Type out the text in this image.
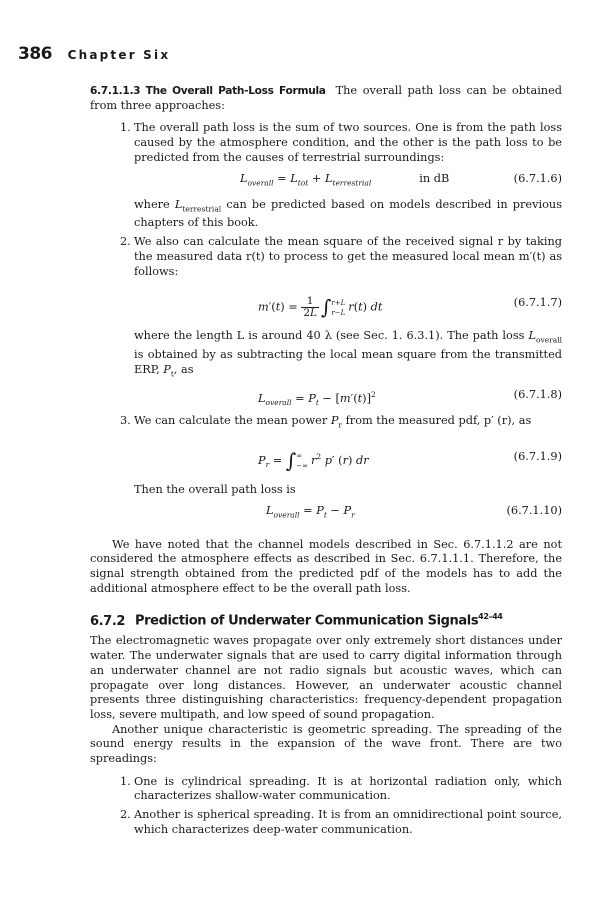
386 Chapter Six

6.7.1.1.3 The Overall Path-Loss Formula The overall path loss can be obtained from three approaches:

1. The overall path loss is the sum of two sources. One is from the path loss caused by the atmosphere condition, and the other is the path loss to be predicted from the causes of terrestrial surroundings:

$L_{overall} = L_{tot} + L_{terrestrial}$	in dB	(6.7.1.6)

where $L_{terrestrial}$ can be predicted based on models described in previous chapters of this book.

2. We also can calculate the mean square of the received signal r by taking the measured data r(t) to process to get the measured local mean m′(t) as follows:

$m'(t) = \frac{1}{2L}$ ∫ r+L
r−L r(t) dt	(6.7.1.7)

where the length L is around 40 λ (see Sec. 1. 6.3.1). The path loss $L_{overall}$ is obtained by as subtracting the local mean square from the transmitted ERP, $P_t$, as

$L_{overall} = P_t - [m'(t)]^2$	(6.7.1.8)
3. We can calculate the mean power $P_r$ from the measured pdf, p′ (r), as

$P_r$ = ∫ ∞
−∞ $r^2$ p′ (r) dr	(6.7.1.9)

Then the overall path loss is

$L_{overall} = P_t - P_r$	(6.7.1.10)

We have noted that the channel models described in Sec. 6.7.1.1.2 are not considered the atmosphere effects as described in Sec. 6.7.1.1.1. Therefore, the signal strength obtained from the predicted pdf of the models has to add the additional atmosphere effect to be the overall path loss.

6.7.2 Prediction of Underwater Communication Signals$^{42-44}$

The electromagnetic waves propagate over only extremely short distances under water. The underwater signals that are used to carry digital information through an underwater channel are not radio signals but acoustic waves, which can propagate over long distances. However, an underwater acoustic channel presents three distinguishing characteristics: frequency-dependent propagation loss, severe multipath, and low speed of sound propagation.

Another unique characteristic is geometric spreading. The spreading of the sound energy results in the expansion of the wave front. There are two spreadings:

1. One is cylindrical spreading. It is at horizontal radiation only, which characterizes shallow-water communication.

2. Another is spherical spreading. It is from an omnidirectional point source, which characterizes deep-water communication.
